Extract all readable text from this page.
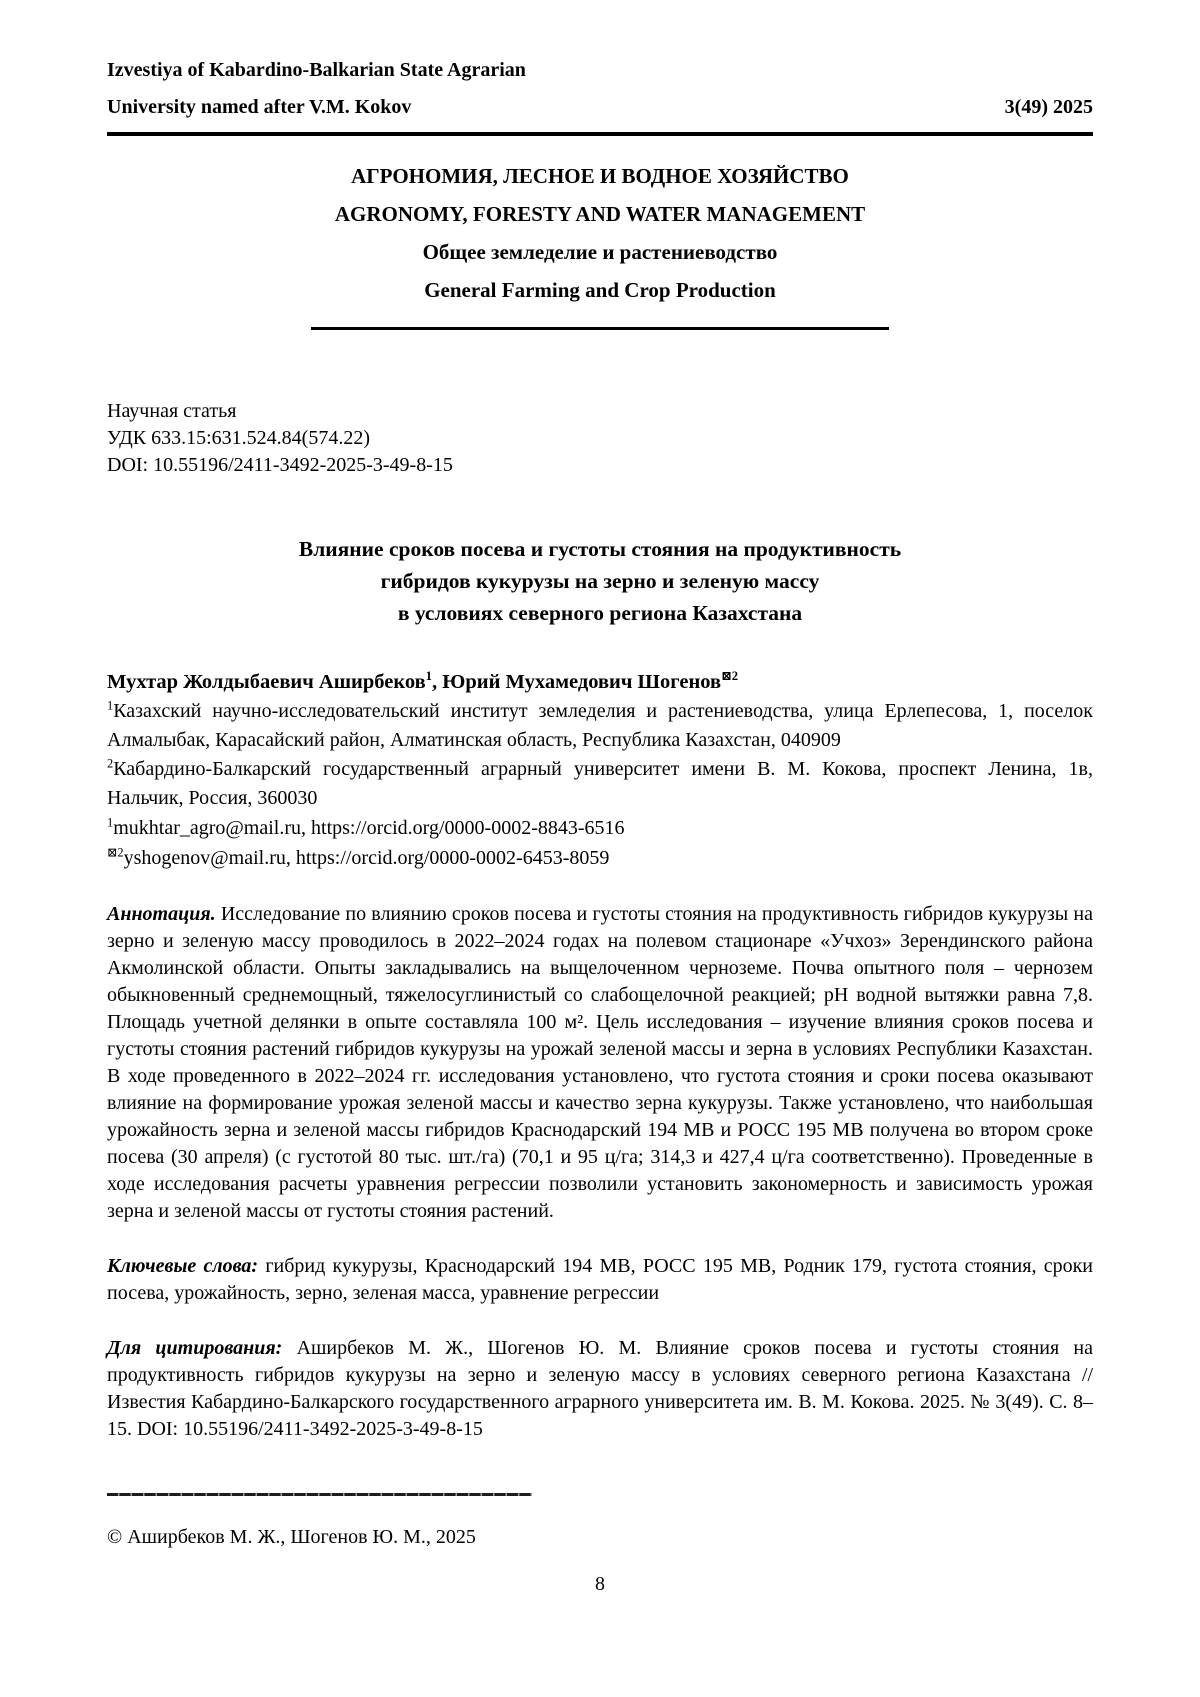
Izvestiya of Kabardino-Balkarian State Agrarian
University named after V.M. Kokov	3(49) 2025
АГРОНОМИЯ, ЛЕСНОЕ И ВОДНОЕ ХОЗЯЙСТВО
AGRONOMY, FORESTY AND WATER MANAGEMENT
Общее земледелие и растениеводство
General Farming and Crop Production

Научная статья

УДК 633.15:631.524.84(574.22)

DOI: 10.55196/2411-3492-2025-3-49-8-15

Влияние сроков посева и густоты стояния на продуктивность
гибридов кукурузы на зерно и зеленую массу
в условиях северного региона Казахстана

Мухтар Жолдыбаевич Аширбеков$^1$, Юрий Мухамедович Шогенов$^{⊠2}$

$^1$Казахский научно-исследовательский институт земледелия и растениеводства, улица Ерлепесова, 1, поселок Алмалыбак, Карасайский район, Алматинская область, Республика Казахстан, 040909

$^2$Кабардино-Балкарский государственный аграрный университет имени В. М. Кокова, проспект Ленина, 1в, Нальчик, Россия, 360030

$^1$mukhtar_agro@mail.ru, https://orcid.org/0000-0002-8843-6516

$^{⊠2}$yshogenov@mail.ru, https://orcid.org/0000-0002-6453-8059

Аннотация. Исследование по влиянию сроков посева и густоты стояния на продуктивность гибридов кукурузы на зерно и зеленую массу проводилось в 2022–2024 годах на полевом стационаре «Учхоз» Зерендинского района Акмолинской области. Опыты закладывались на выщелоченном черноземе. Почва опытного поля – чернозем обыкновенный среднемощный, тяжелосуглинистый со слабощелочной реакцией; pH водной вытяжки равна 7,8. Площадь учетной делянки в опыте составляла 100 м². Цель исследования – изучение влияния сроков посева и густоты стояния растений гибридов кукурузы на урожай зеленой массы и зерна в условиях Республики Казахстан. В ходе проведенного в 2022–2024 гг. исследования установлено, что густота стояния и сроки посева оказывают влияние на формирование урожая зеленой массы и качество зерна кукурузы. Также установлено, что наибольшая урожайность зерна и зеленой массы гибридов Краснодарский 194 МВ и РОСС 195 МВ получена во втором сроке посева (30 апреля) (с густотой 80 тыс. шт./га) (70,1 и 95 ц/га; 314,3 и 427,4 ц/га соответственно). Проведенные в ходе исследования расчеты уравнения регрессии позволили установить закономерность и зависимость урожая зерна и зеленой массы от густоты стояния растений.

Ключевые слова: гибрид кукурузы, Краснодарский 194 МВ, РОСС 195 МВ, Родник 179, густота стояния, сроки посева, урожайность, зерно, зеленая масса, уравнение регрессии

Для цитирования: Аширбеков М. Ж., Шогенов Ю. М. Влияние сроков посева и густоты стояния на продуктивность гибридов кукурузы на зерно и зеленую массу в условиях северного региона Казахстана // Известия Кабардино-Балкарского государственного аграрного университета им. В. М. Кокова. 2025. № 3(49). С. 8–15. DOI: 10.55196/2411-3492-2025-3-49-8-15

© Аширбеков М. Ж., Шогенов Ю. М., 2025

8
